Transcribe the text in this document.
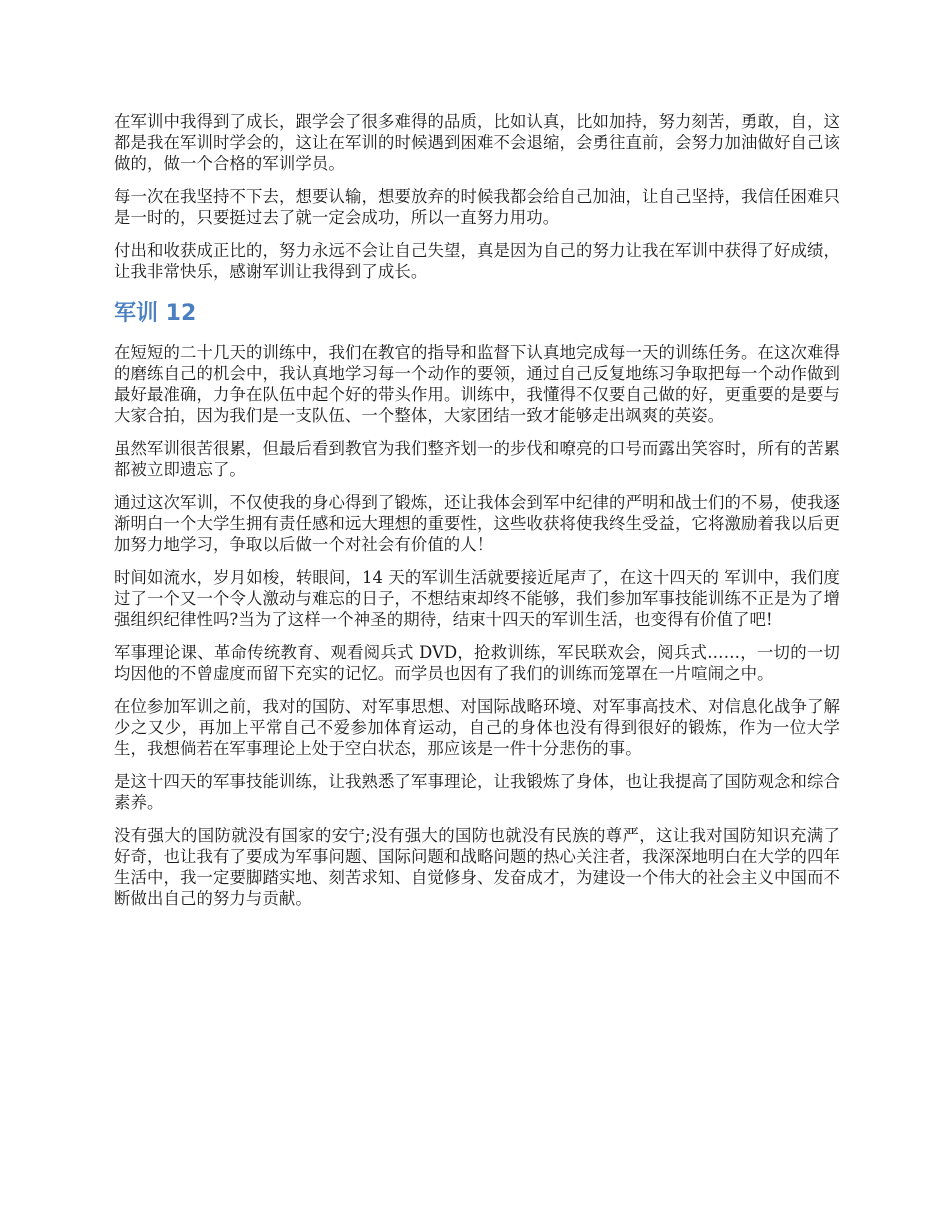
在军训中我得到了成长，跟学会了很多难得的品质，比如认真，比如加持，努力刻苦，勇敢，自，这都是我在军训时学会的，这让在军训的时候遇到困难不会退缩，会勇往直前，会努力加油做好自己该做的，做一个合格的军训学员。

每一次在我坚持不下去，想要认输，想要放弃的时候我都会给自己加油，让自己坚持，我信任困难只是一时的，只要挺过去了就一定会成功，所以一直努力用功。

付出和收获成正比的，努力永远不会让自己失望，真是因为自己的努力让我在军训中获得了好成绩，让我非常快乐，感谢军训让我得到了成长。

军训 12

在短短的二十几天的训练中，我们在教官的指导和监督下认真地完成每一天的训练任务。在这次难得的磨练自己的机会中，我认真地学习每一个动作的要领，通过自己反复地练习争取把每一个动作做到最好最准确，力争在队伍中起个好的带头作用。训练中，我懂得不仅要自己做的好，更重要的是要与大家合拍，因为我们是一支队伍、一个整体，大家团结一致才能够走出飒爽的英姿。

虽然军训很苦很累，但最后看到教官为我们整齐划一的步伐和嘹亮的口号而露出笑容时，所有的苦累都被立即遗忘了。

通过这次军训，不仅使我的身心得到了锻炼，还让我体会到军中纪律的严明和战士们的不易，使我逐渐明白一个大学生拥有责任感和远大理想的重要性，这些收获将使我终生受益，它将激励着我以后更加努力地学习，争取以后做一个对社会有价值的人！

时间如流水，岁月如梭，转眼间，14 天的军训生活就要接近尾声了，在这十四天的 军训中，我们度过了一个又一个令人激动与难忘的日子，不想结束却终不能够，我们参加军事技能训练不正是为了增强组织纪律性吗?当为了这样一个神圣的期待，结束十四天的军训生活，也变得有价值了吧!

军事理论课、革命传统教育、观看阅兵式 DVD，抢救训练，军民联欢会，阅兵式……，一切的一切均因他的不曾虚度而留下充实的记忆。而学员也因有了我们的训练而笼罩在一片喧闹之中。

在位参加军训之前，我对的国防、对军事思想、对国际战略环境、对军事高技术、对信息化战争了解少之又少，再加上平常自己不爱参加体育运动，自己的身体也没有得到很好的锻炼，作为一位大学生，我想倘若在军事理论上处于空白状态，那应该是一件十分悲伤的事。

是这十四天的军事技能训练，让我熟悉了军事理论，让我锻炼了身体，也让我提高了国防观念和综合素养。

没有强大的国防就没有国家的安宁;没有强大的国防也就没有民族的尊严，这让我对国防知识充满了好奇，也让我有了要成为军事问题、国际问题和战略问题的热心关注者，我深深地明白在大学的四年生活中，我一定要脚踏实地、刻苦求知、自觉修身、发奋成才，为建设一个伟大的社会主义中国而不断做出自己的努力与贡献。
